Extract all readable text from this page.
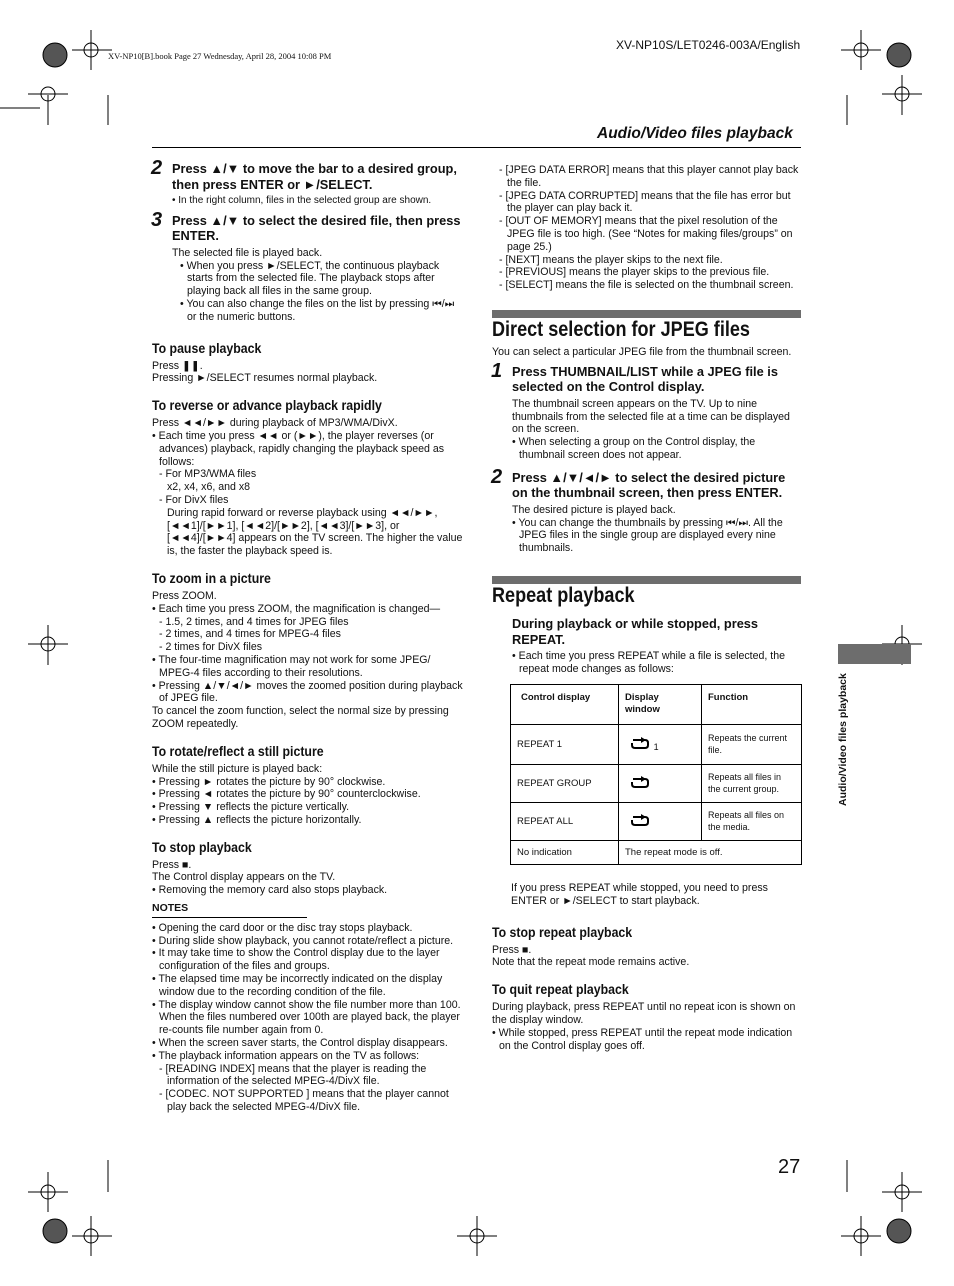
XV-NP10[B].book Page 27 Wednesday, April 28, 2004 10:08 PM
XV-NP10S/LET0246-003A/English
Audio/Video files playback
Audio/Video files playback
27
2 Press ▲/▼ to move the bar to a desired group, then press ENTER or ►/SELECT.

• In the right column, files in the selected group are shown.

3 Press ▲/▼ to select the desired file, then press ENTER.

The selected file is played back.

• When you press ►/SELECT, the continuous playback starts from the selected file. The playback stops after playing back all files in the same group.

• You can also change the files on the list by pressing ⏮/⏭ or the numeric buttons.

To pause playback

Press ❚❚.

Pressing ►/SELECT resumes normal playback.

To reverse or advance playback rapidly

Press ◄◄/►► during playback of MP3/WMA/DivX.

• Each time you press ◄◄ or (►►), the player reverses (or advances) playback, rapidly changing the playback speed as follows:

- For MP3/WMA files

x2, x4, x6, and x8

- For DivX files

During rapid forward or reverse playback using ◄◄/►►, [◄◄1]/[►►1], [◄◄2]/[►►2], [◄◄3]/[►►3], or [◄◄4]/[►►4] appears on the TV screen. The higher the value is, the faster the playback speed is.

To zoom in a picture

Press ZOOM.

• Each time you press ZOOM, the magnification is changed—

- 1.5, 2 times, and 4 times for JPEG files

- 2 times, and 4 times for MPEG-4 files

- 2 times for DivX files

• The four-time magnification may not work for some JPEG/ MPEG-4 files according to their resolutions.

• Pressing ▲/▼/◄/► moves the zoomed position during playback of JPEG file.

To cancel the zoom function, select the normal size by pressing ZOOM repeatedly.

To rotate/reflect a still picture

While the still picture is played back:

• Pressing ► rotates the picture by 90° clockwise.

• Pressing ◄ rotates the picture by 90° counterclockwise.

• Pressing ▼ reflects the picture vertically.

• Pressing ▲ reflects the picture horizontally.

To stop playback

Press ■.

The Control display appears on the TV.

• Removing the memory card also stops playback.

NOTES

• Opening the card door or the disc tray stops playback.

• During slide show playback, you cannot rotate/reflect a picture.

• It may take time to show the Control display due to the layer configuration of the files and groups.

• The elapsed time may be incorrectly indicated on the display window due to the recording condition of the file.

• The display window cannot show the file number more than 100. When the files numbered over 100th are played back, the player re-counts file number again from 0.

• When the screen saver starts, the Control display disappears.

• The playback information appears on the TV as follows:

- [READING INDEX] means that the player is reading the information of the selected MPEG-4/DivX file.

- [CODEC. NOT SUPPORTED ] means that the player cannot play back the selected MPEG-4/DivX file.

- [JPEG DATA ERROR] means that this player cannot play back the file.

- [JPEG DATA CORRUPTED] means that the file has error but the player can play back it.

- [OUT OF MEMORY] means that the pixel resolution of the JPEG file is too high. (See “Notes for making files/groups” on page 25.)

- [NEXT] means the player skips to the next file.

- [PREVIOUS] means the player skips to the previous file.

- [SELECT] means the file is selected on the thumbnail screen.

Direct selection for JPEG files

You can select a particular JPEG file from the thumbnail screen.

1 Press THUMBNAIL/LIST while a JPEG file is selected on the Control display.

The thumbnail screen appears on the TV. Up to nine thumbnails from the selected file at a time can be displayed on the screen.

• When selecting a group on the Control display, the thumbnail screen does not appear.

2 Press ▲/▼/◄/► to select the desired picture on the thumbnail screen, then press ENTER.

The desired picture is played back.

• You can change the thumbnails by pressing ⏮/⏭. All the JPEG files in the single group are displayed every nine thumbnails.

Repeat playback

During playback or while stopped, press REPEAT.

• Each time you press REPEAT while a file is selected, the repeat mode changes as follows:

Control display	Display window	Function
REPEAT 1	1	Repeats the current file.
REPEAT GROUP		Repeats all files in the current group.
REPEAT ALL		Repeats all files on the media.
No indication	The repeat mode is off.	

If you press REPEAT while stopped, you need to press ENTER or ►/SELECT to start playback.

To stop repeat playback

Press ■.

Note that the repeat mode remains active.

To quit repeat playback

During playback, press REPEAT until no repeat icon is shown on the display window.

• While stopped, press REPEAT until the repeat mode indication on the Control display goes off.
